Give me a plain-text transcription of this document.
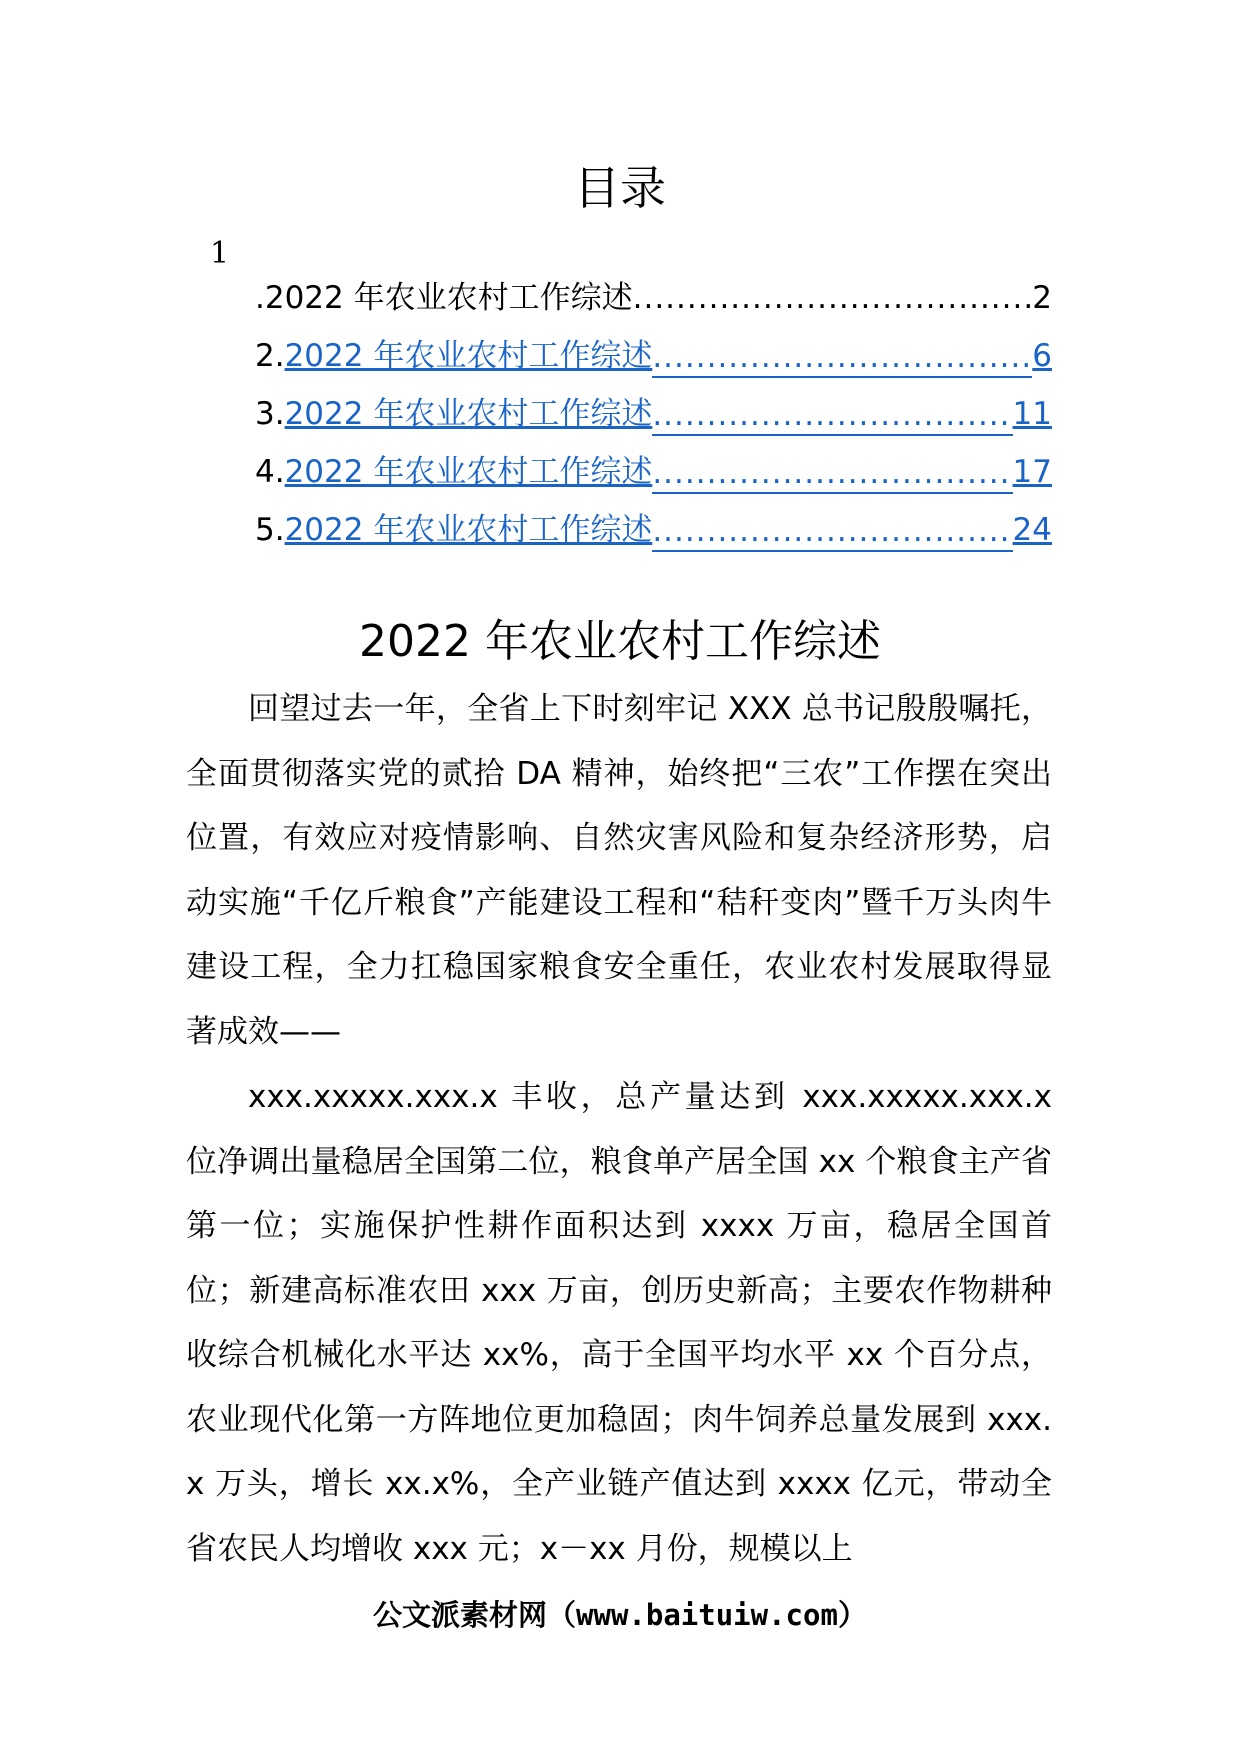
目录
1
. 2022 年农业农村工作综述 .....	2
2. 2022 年农业农村工作综述 .....	6
3. 2022 年农业农村工作综述 .....	11
4. 2022 年农业农村工作综述 .....	17
5. 2022 年农业农村工作综述 .....	24
2022 年农业农村工作综述

回望过去一年，全省上下时刻牢记 XXX 总书记殷殷嘱托，全面贯彻落实党的贰拾 DA 精神，始终把“三农”工作摆在突出位置，有效应对疫情影响、自然灾害风险和复杂经济形势，启动实施“千亿斤粮食”产能建设工程和“秸秆变肉”暨千万头肉牛建设工程，全力扛稳国家粮食安全重任，农业农村发展取得显著成效——

xxx.xxxxx.xxx.x 丰收，总产量达到 xxx.xxxxx.xxx.x 位净调出量稳居全国第二位，粮食单产居全国 xx 个粮食主产省第一位；实施保护性耕作面积达到 xxxx 万亩，稳居全国首位；新建高标准农田 xxx 万亩，创历史新高；主要农作物耕种收综合机械化水平达 xx%，高于全国平均水平 xx 个百分点，农业现代化第一方阵地位更加稳固；肉牛饲养总量发展到 xxx.x 万头，增长 xx.x%，全产业链产值达到 xxxx 亿元，带动全省农民人均增收 xxx 元；x－xx 月份，规模以上

公文派素材网（www.baituiw.com）
